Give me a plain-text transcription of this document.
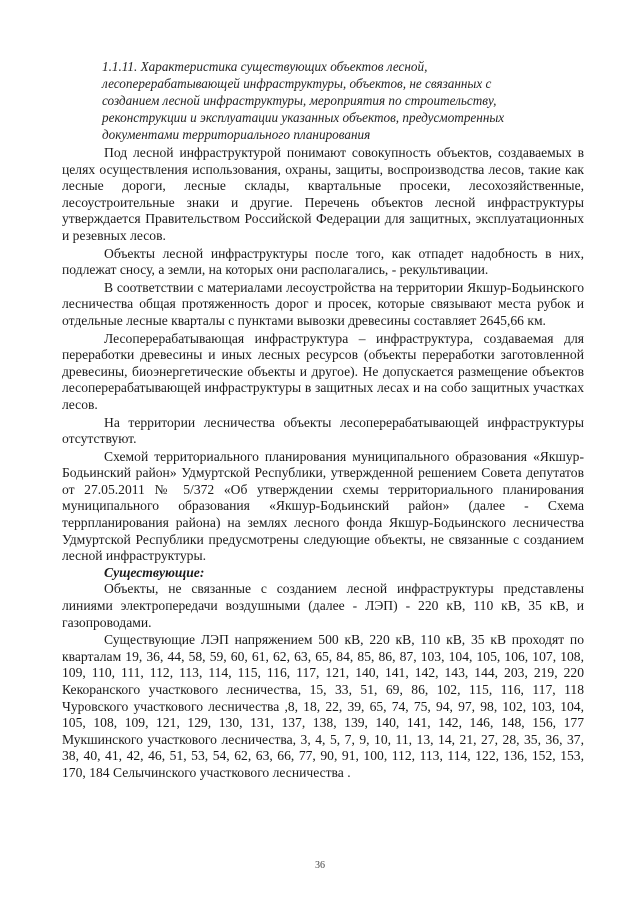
1.1.11. Характеристика существующих объектов лесной,

лесоперерабатывающей инфраструктуры, объектов, не связанных с

созданием лесной инфраструктуры, мероприятия по строительству,

реконструкции и эксплуатации указанных объектов, предусмотренных

документами территориального планирования

Под лесной инфраструктурой понимают совокупность объектов, создаваемых в целях осуществления использования, охраны, защиты, воспроизводства лесов, такие как лесные дороги, лесные склады, квартальные просеки, лесохозяйственные, лесоустроительные знаки и другие. Перечень объектов лесной инфраструктуры утверждается Правительством Российской Федерации для защитных, эксплуатационных и резевных лесов.

Объекты лесной инфраструктуры после того, как отпадет надобность в них, подлежат сносу, а земли, на которых они располагались, - рекультивации.

В соответствии с материалами лесоустройства на территории Якшур-Бодьинского лесничества общая протяженность дорог и просек, которые связывают места рубок и отдельные лесные кварталы с пунктами вывозки древесины составляет 2645,66 км.

Лесоперерабатывающая инфраструктура – инфраструктура, создаваемая для переработки древесины и иных лесных ресурсов (объекты переработки заготовленной древесины, биоэнергетические объекты и другое). Не допускается размещение объектов лесоперерабатывающей инфраструктуры в защитных лесах и на собо защитных участках лесов.

На территории лесничества объекты лесоперерабатывающей инфраструктуры отсутствуют.

Схемой территориального планирования муниципального образования «Якшур-Бодьинский район» Удмуртской Республики, утвержденной решением Совета депутатов от 27.05.2011 № 5/372 «Об утверждении схемы территориального планирования муниципального образования «Якшур-Бодьинский район» (далее - Схема террпланирования района) на землях лесного фонда Якшур-Бодьинского лесничества Удмуртской Республики предусмотрены следующие объекты, не связанные с созданием лесной инфраструктуры.

Существующие:

Объекты, не связанные с созданием лесной инфраструктуры представлены линиями электропередачи воздушными (далее - ЛЭП) - 220 кВ, 110 кВ, 35 кВ, и газопроводами.

Существующие ЛЭП напряжением 500 кВ, 220 кВ, 110 кВ, 35 кВ проходят по кварталам 19, 36, 44, 58, 59, 60, 61, 62, 63, 65, 84, 85, 86, 87, 103, 104, 105, 106, 107, 108, 109, 110, 111, 112, 113, 114, 115, 116, 117, 121, 140, 141, 142, 143, 144, 203, 219, 220 Кекоранского участкового лесничества, 15, 33, 51, 69, 86, 102, 115, 116, 117, 118 Чуровского участкового лесничества ,8, 18, 22, 39, 65, 74, 75, 94, 97, 98, 102, 103, 104, 105, 108, 109, 121, 129, 130, 131, 137, 138, 139, 140, 141, 142, 146, 148, 156, 177 Мукшинского участкового лесничества, 3, 4, 5, 7, 9, 10, 11, 13, 14, 21, 27, 28, 35, 36, 37, 38, 40, 41, 42, 46, 51, 53, 54, 62, 63, 66, 77, 90, 91, 100, 112, 113, 114, 122, 136, 152, 153, 170, 184 Селычинского участкового лесничества .

36
